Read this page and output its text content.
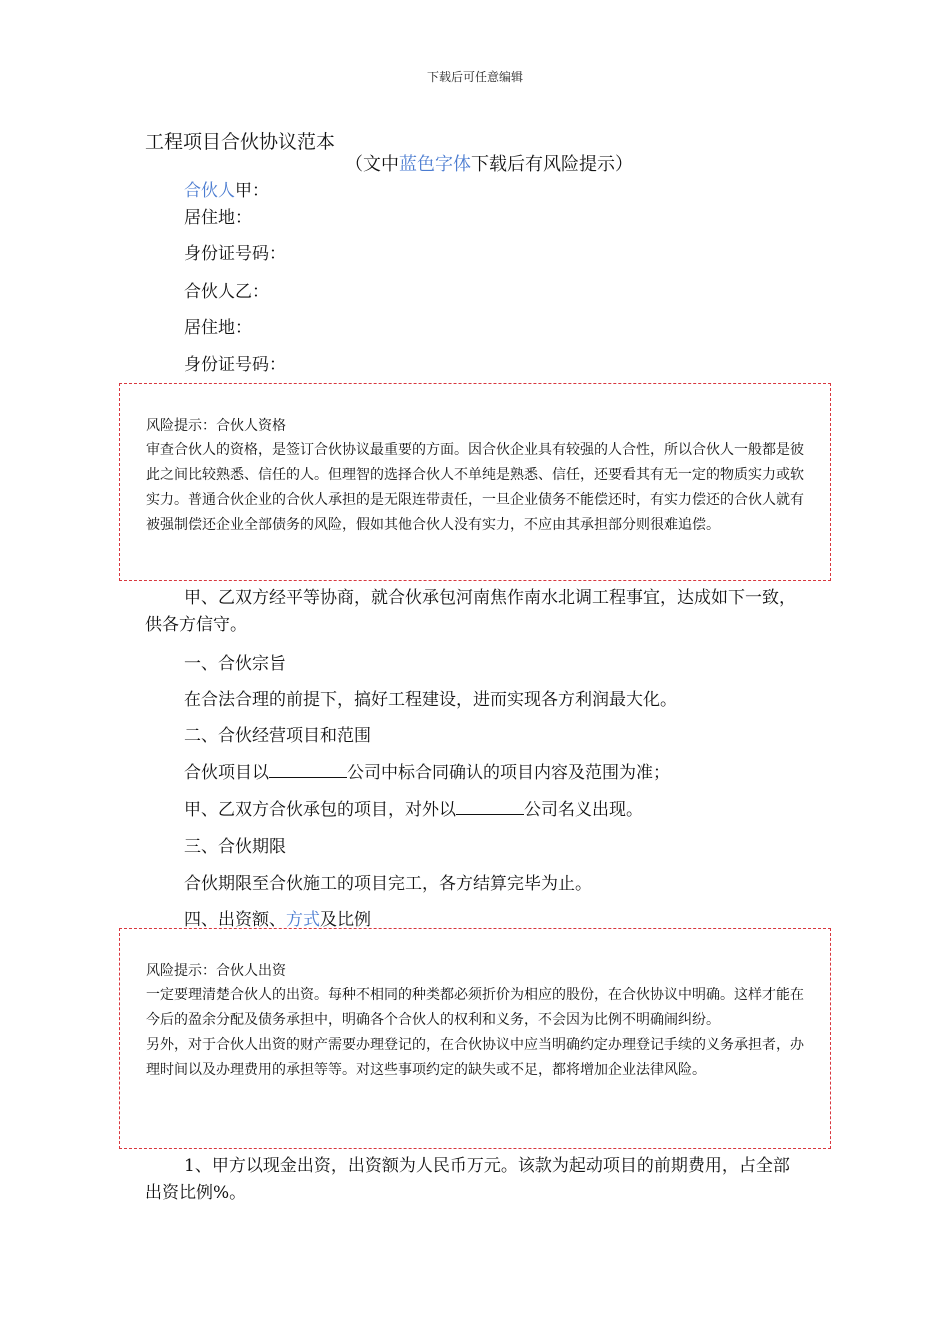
下载后可任意编辑
工程项目合伙协议范本
（文中蓝色字体下载后有风险提示）
合伙人甲：
居住地：
身份证号码：
合伙人乙：
居住地：
身份证号码：
风险提示：合伙人资格
审查合伙人的资格，是签订合伙协议最重要的方面。因合伙企业具有较强的人合性，所以合伙人一般都是彼此之间比较熟悉、信任的人。但理智的选择合伙人不单纯是熟悉、信任，还要看其有无一定的物质实力或软实力。普通合伙企业的合伙人承担的是无限连带责任，一旦企业债务不能偿还时，有实力偿还的合伙人就有被强制偿还企业全部债务的风险，假如其他合伙人没有实力，不应由其承担部分则很难追偿。
甲、乙双方经平等协商，就合伙承包河南焦作南水北调工程事宜，达成如下一致，供各方信守。
一、合伙宗旨
在合法合理的前提下，搞好工程建设，进而实现各方利润最大化。
二、合伙经营项目和范围
合伙项目以	公司中标合同确认的项目内容及范围为准；
甲、乙双方合伙承包的项目，对外以	公司名义出现。
三、合伙期限
合伙期限至合伙施工的项目完工，各方结算完毕为止。
四、出资额、方式及比例
风险提示：合伙人出资
一定要理清楚合伙人的出资。每种不相同的种类都必须折价为相应的股份，在合伙协议中明确。这样才能在今后的盈余分配及债务承担中，明确各个合伙人的权利和义务，不会因为比例不明确闹纠纷。
另外，对于合伙人出资的财产需要办理登记的，在合伙协议中应当明确约定办理登记手续的义务承担者，办理时间以及办理费用的承担等等。对这些事项约定的缺失或不足，都将增加企业法律风险。
1、甲方以现金出资，出资额为人民币万元。该款为起动项目的前期费用，占全部出资比例%。
